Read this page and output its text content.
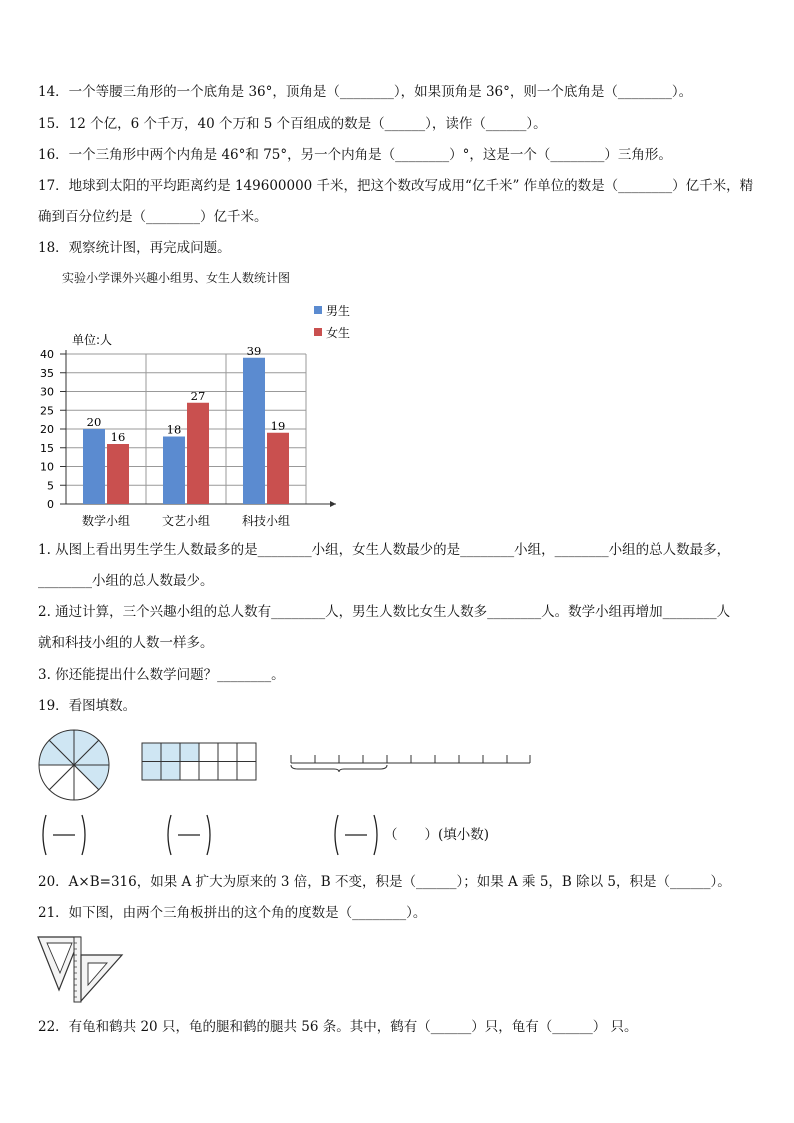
14．一个等腰三角形的一个底角是 36°，顶角是（________），如果顶角是 36°，则一个底角是（________）。
15．12 个亿，6 个千万，40 个万和 5 个百组成的数是（______），读作（______）。
16．一个三角形中两个内角是 46°和 75°，另一个内角是（________）°，这是一个（________）三角形。
17．地球到太阳的平均距离约是 149600000 千米，把这个数改写成用“亿千米” 作单位的数是（________）亿千米，精
确到百分位约是（________）亿千米。
18．观察统计图，再完成问题。
实验小学课外兴趣小组男、女生人数统计图
0
5
10
15
20
25
30
35
40
单位:人
20
16
数学小组
18
27
文艺小组
39
19
科技小组
男生
女生
1. 从图上看出男生学生人数最多的是________小组，女生人数最少的是________小组，________小组的总人数最多，
________小组的总人数最少。
2. 通过计算，三个兴趣小组的总人数有________人，男生人数比女生人数多________人。数学小组再增加________人
就和科技小组的人数一样多。
3. 你还能提出什么数学问题？________。
19．看图填数。
（　　）(填小数)
20．A×B=316，如果 A 扩大为原来的 3 倍，B 不变，积是（______）；如果 A 乘 5，B 除以 5，积是（______）。
21．如下图，由两个三角板拼出的这个角的度数是（________）。
22．有龟和鹤共 20 只，龟的腿和鹤的腿共 56 条。其中，鹤有（______）只，龟有（______） 只。
